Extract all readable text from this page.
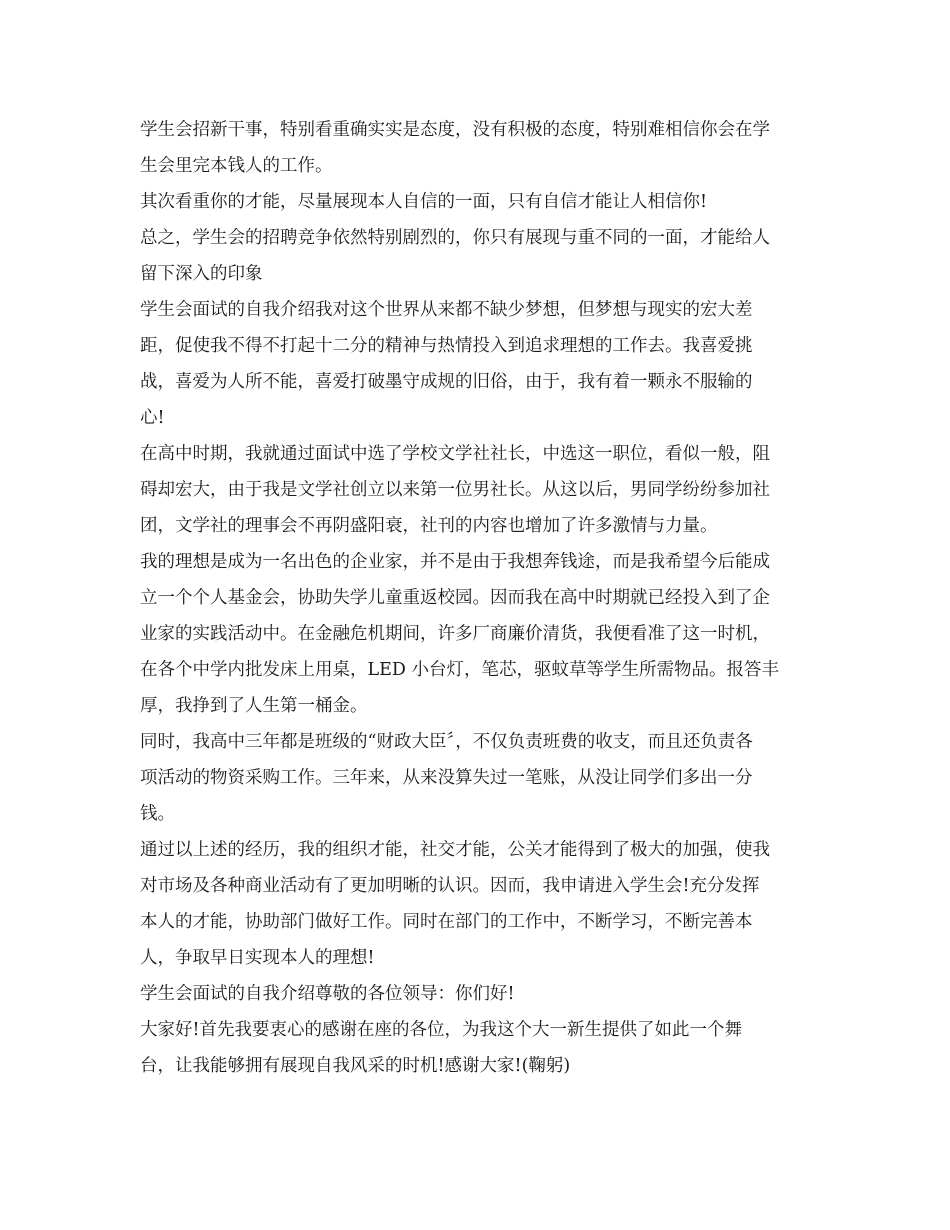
学生会招新干事，特别看重确实实是态度，没有积极的态度，特别难相信你会在学
生会里完本钱人的工作。
其次看重你的才能，尽量展现本人自信的一面，只有自信才能让人相信你!
总之，学生会的招聘竞争依然特别剧烈的，你只有展现与重不同的一面，才能给人
留下深入的印象
学生会面试的自我介绍我对这个世界从来都不缺少梦想，但梦想与现实的宏大差
距，促使我不得不打起十二分的精神与热情投入到追求理想的工作去。我喜爱挑
战，喜爱为人所不能，喜爱打破墨守成规的旧俗，由于，我有着一颗永不服输的
心!
在高中时期，我就通过面试中选了学校文学社社长，中选这一职位，看似一般，阻
碍却宏大，由于我是文学社创立以来第一位男社长。从这以后，男同学纷纷参加社
团，文学社的理事会不再阴盛阳衰，社刊的内容也增加了许多激情与力量。
我的理想是成为一名出色的企业家，并不是由于我想奔钱途，而是我希望今后能成
立一个个人基金会，协助失学儿童重返校园。因而我在高中时期就已经投入到了企
业家的实践活动中。在金融危机期间，许多厂商廉价清货，我便看准了这一时机，
在各个中学内批发床上用桌，LED 小台灯，笔芯，驱蚊草等学生所需物品。报答丰
厚，我挣到了人生第一桶金。
同时，我高中三年都是班级的“财政大臣〞，不仅负责班费的收支，而且还负责各
项活动的物资采购工作。三年来，从来没算失过一笔账，从没让同学们多出一分
钱。
通过以上述的经历，我的组织才能，社交才能，公关才能得到了极大的加强，使我
对市场及各种商业活动有了更加明晰的认识。因而，我申请进入学生会!充分发挥
本人的才能，协助部门做好工作。同时在部门的工作中，不断学习，不断完善本
人，争取早日实现本人的理想!
学生会面试的自我介绍尊敬的各位领导：你们好!
大家好!首先我要衷心的感谢在座的各位，为我这个大一新生提供了如此一个舞
台，让我能够拥有展现自我风采的时机!感谢大家!(鞠躬)
